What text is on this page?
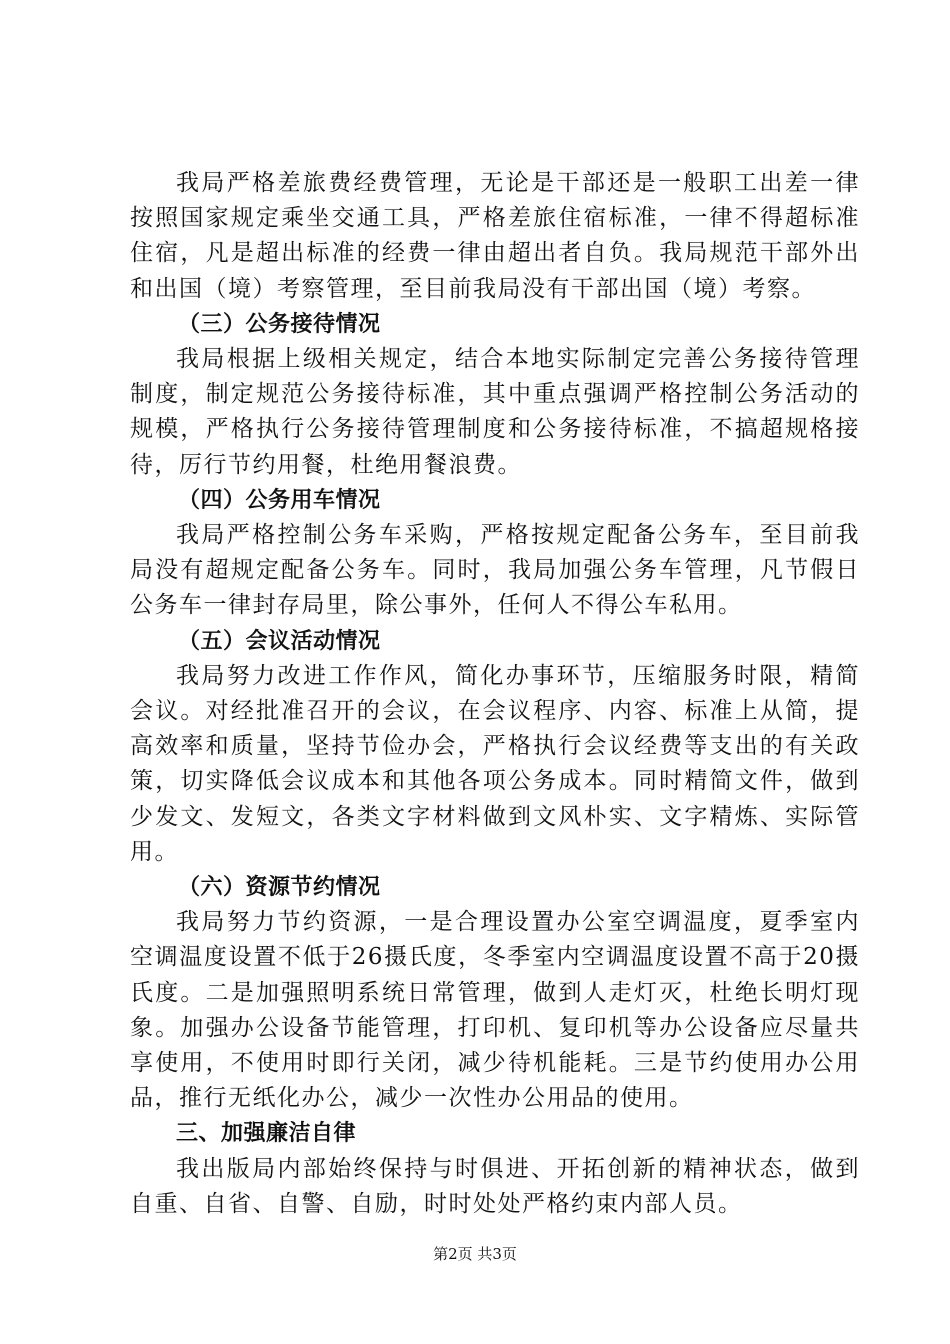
我局严格差旅费经费管理，无论是干部还是一般职工出差一律按照国家规定乘坐交通工具，严格差旅住宿标准，一律不得超标准住宿，凡是超出标准的经费一律由超出者自负。我局规范干部外出和出国（境）考察管理，至目前我局没有干部出国（境）考察。

（三）公务接待情况

我局根据上级相关规定，结合本地实际制定完善公务接待管理制度，制定规范公务接待标准，其中重点强调严格控制公务活动的规模，严格执行公务接待管理制度和公务接待标准，不搞超规格接待，厉行节约用餐，杜绝用餐浪费。

（四）公务用车情况

我局严格控制公务车采购，严格按规定配备公务车，至目前我局没有超规定配备公务车。同时，我局加强公务车管理，凡节假日公务车一律封存局里，除公事外，任何人不得公车私用。

（五）会议活动情况

我局努力改进工作作风，简化办事环节，压缩服务时限，精简会议。对经批准召开的会议，在会议程序、内容、标准上从简，提高效率和质量，坚持节俭办会，严格执行会议经费等支出的有关政策，切实降低会议成本和其他各项公务成本。同时精简文件，做到少发文、发短文，各类文字材料做到文风朴实、文字精炼、实际管用。

（六）资源节约情况

我局努力节约资源，一是合理设置办公室空调温度，夏季室内空调温度设置不低于26摄氏度，冬季室内空调温度设置不高于20摄氏度。二是加强照明系统日常管理，做到人走灯灭，杜绝长明灯现象。加强办公设备节能管理，打印机、复印机等办公设备应尽量共享使用，不使用时即行关闭，减少待机能耗。三是节约使用办公用品，推行无纸化办公，减少一次性办公用品的使用。

三、加强廉洁自律

我出版局内部始终保持与时俱进、开拓创新的精神状态，做到自重、自省、自警、自励，时时处处严格约束内部人员。

第2页 共3页
